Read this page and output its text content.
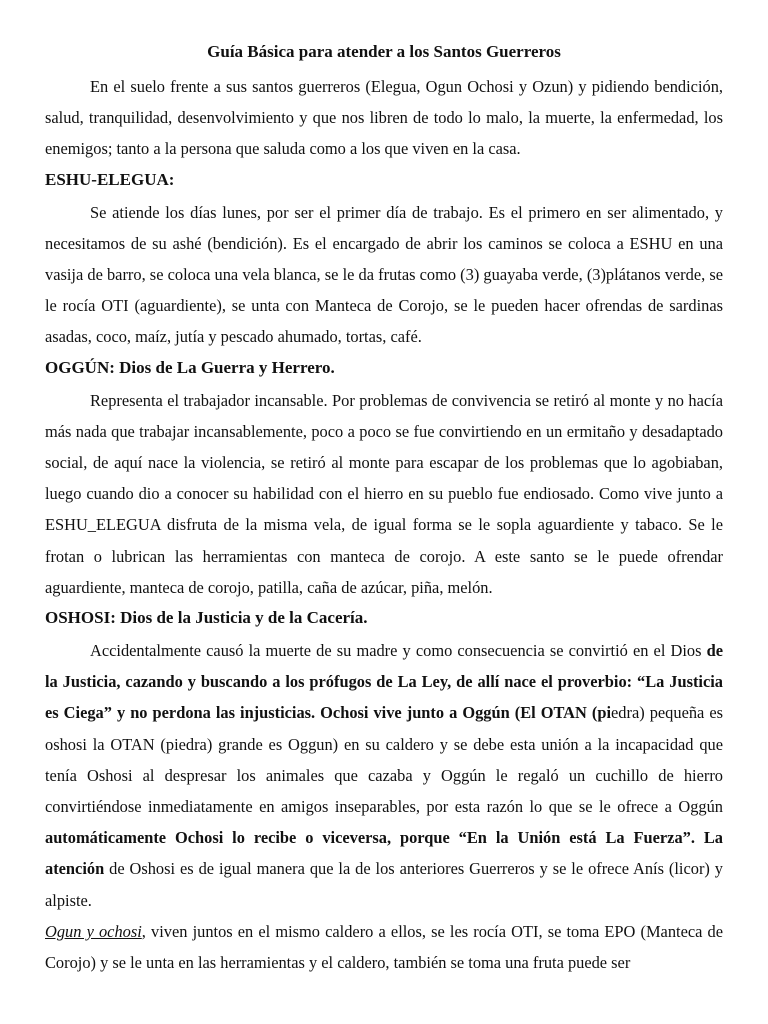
Guía Básica para atender a los Santos Guerreros

En el suelo frente a sus santos guerreros (Elegua, Ogun Ochosi y Ozun) y pidiendo bendición, salud, tranquilidad, desenvolvimiento y que nos libren de todo lo malo, la muerte, la enfermedad, los enemigos; tanto a la persona que saluda como a los que viven en la casa.

ESHU-ELEGUA:

Se atiende los días lunes, por ser el primer día de trabajo. Es el primero en ser alimentado, y necesitamos de su ashé (bendición). Es el encargado de abrir los caminos se coloca a ESHU en una vasija de barro, se coloca una vela blanca, se le da frutas como (3) guayaba verde, (3)plátanos verde, se le rocía OTI (aguardiente), se unta con Manteca de Corojo, se le pueden hacer ofrendas de sardinas asadas, coco, maíz, jutía y pescado ahumado, tortas, café.

OGGÚN: Dios de La Guerra y Herrero.

Representa el trabajador incansable. Por problemas de convivencia se retiró al monte y no hacía más nada que trabajar incansablemente, poco a poco se fue convirtiendo en un ermitaño y desadaptado social, de aquí nace la violencia, se retiró al monte para escapar de los problemas que lo agobiaban, luego cuando dio a conocer su habilidad con el hierro en su pueblo fue endiosado. Como vive junto a ESHU_ELEGUA disfruta de la misma vela, de igual forma se le sopla aguardiente y tabaco. Se le frotan o lubrican las herramientas con manteca de corojo. A este santo se le puede ofrendar aguardiente, manteca de corojo, patilla, caña de azúcar, piña, melón.

OSHOSI: Dios de la Justicia y de la Cacería.

Accidentalmente causó la muerte de su madre y como consecuencia se convirtió en el Dios de la Justicia, cazando y buscando a los prófugos de La Ley, de allí nace el proverbio: “La Justicia es Ciega” y no perdona las injusticias. Ochosi vive junto a Oggún (El OTAN (piedra) pequeña es oshosi la OTAN (piedra) grande es Oggun) en su caldero y se debe esta unión a la incapacidad que tenía Oshosi al despresar los animales que cazaba y Oggún le regaló un cuchillo de hierro convirtiéndose inmediatamente en amigos inseparables, por esta razón lo que se le ofrece a Oggún automáticamente Ochosi lo recibe o viceversa, porque “En la Unión está La Fuerza”. La atención de Oshosi es de igual manera que la de los anteriores Guerreros y se le ofrece Anís (licor) y alpiste.

Ogun y ochosi, viven juntos en el mismo caldero a ellos, se les rocía OTI, se toma EPO (Manteca de Corojo) y se le unta en las herramientas y el caldero, también se toma una fruta puede ser
